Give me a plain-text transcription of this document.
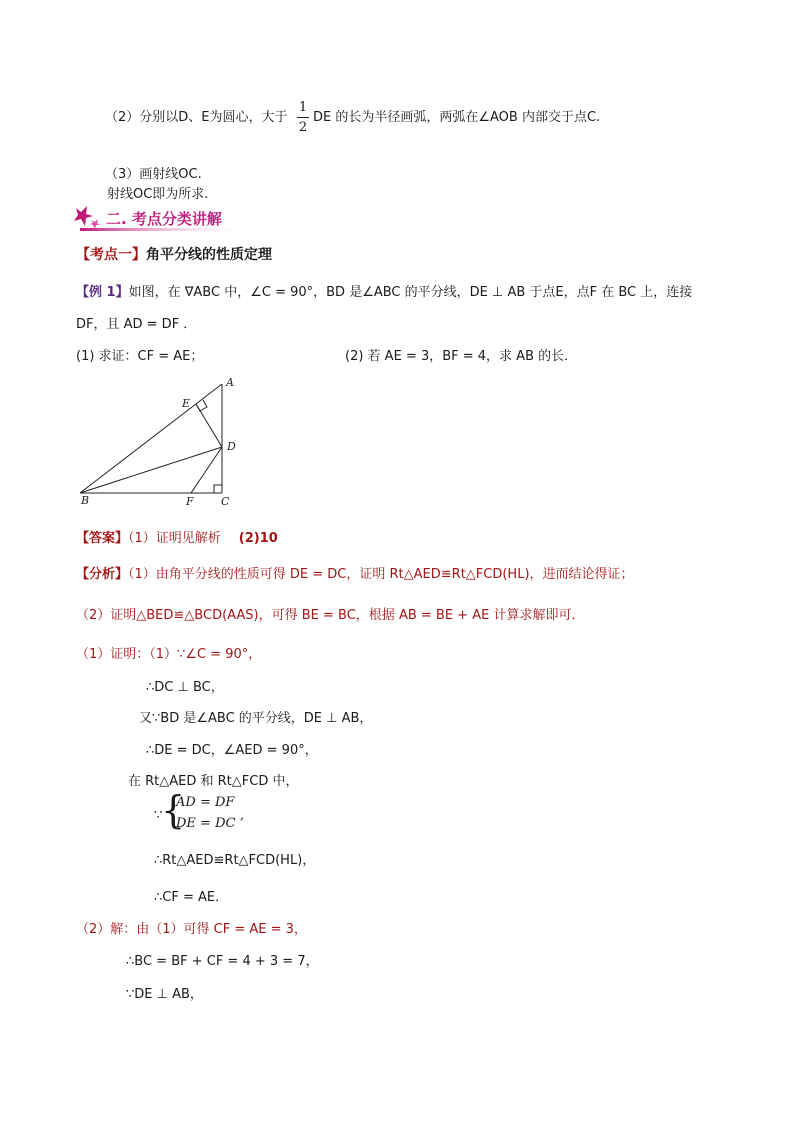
（2）分别以D、E为圆心，大于
1
2
DE 的长为半径画弧，两弧在∠AOB 内部交于点C.
（3）画射线OC.
射线OC即为所求.
二. 考点分类讲解
【考点一】角平分线的性质定理
【例 1】如图，在 ∇ABC 中，∠C = 90°，BD 是∠ABC 的平分线，DE ⊥ AB 于点E，点F 在 BC 上，连接
DF，且 AD = DF ．
(1) 求证：CF = AE；	(2) 若 AE = 3，BF = 4，求 AB 的长．
A
B	C
D
E
F
【答案】（1）证明见解析 (2)10
【分析】（1）由角平分线的性质可得 DE = DC，证明 Rt△AED≌Rt△FCD(HL)，进而结论得证；
（2）证明△BED≌△BCD(AAS)，可得 BE = BC，根据 AB = BE + AE 计算求解即可．
（1）证明：（1）∵∠C = 90°，
∴DC ⊥ BC，
又∵BD 是∠ABC 的平分线，DE ⊥ AB，
∴DE = DC，∠AED = 90°，
在 Rt△AED 和 Rt△FCD 中，
∵
{
AD = DF
DE = DC ’
∴Rt△AED≌Rt△FCD(HL)，
∴CF = AE．
（2）解：由（1）可得 CF = AE = 3，
∴BC = BF + CF = 4 + 3 = 7，
∵DE ⊥ AB，
